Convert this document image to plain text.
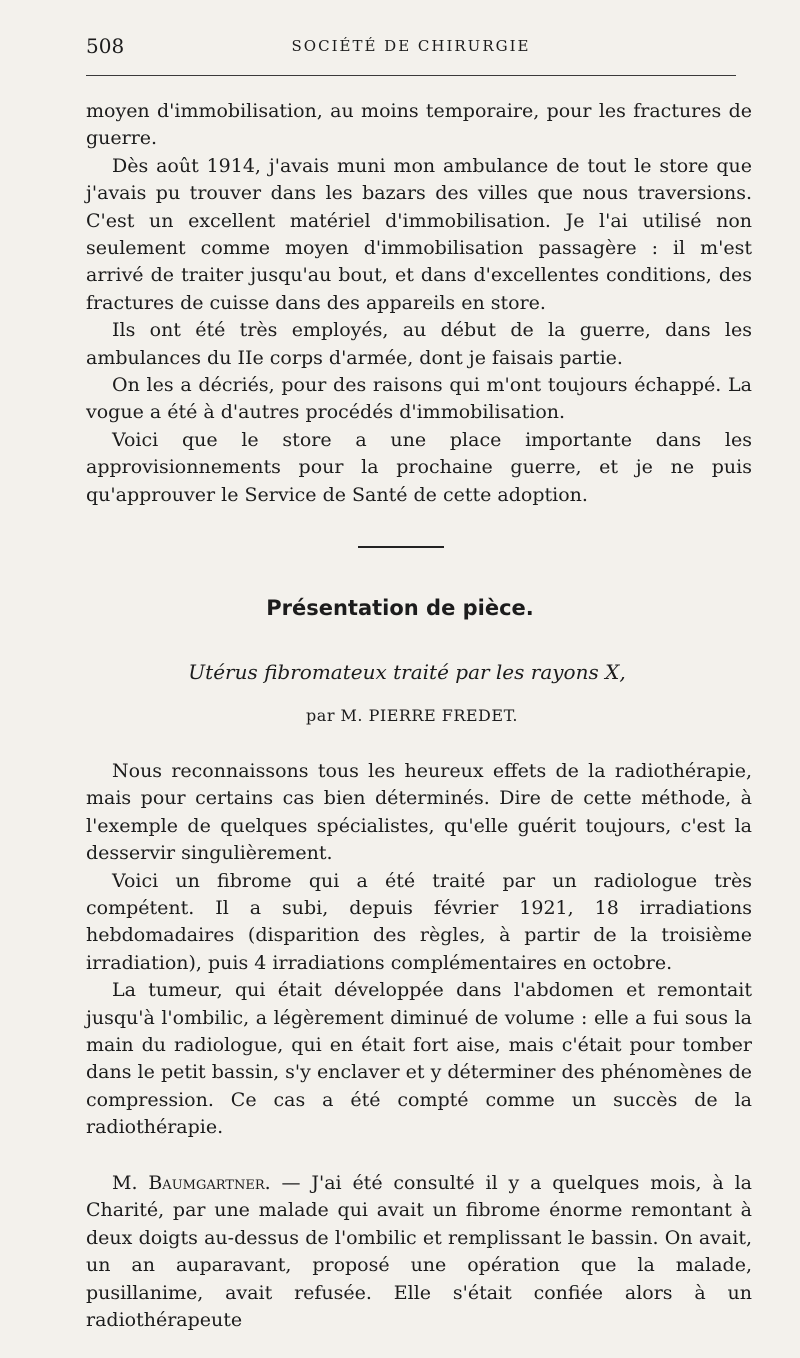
508	SOCIÉTÉ DE CHIRURGIE

moyen d'immobilisation, au moins temporaire, pour les fractures de guerre.

Dès août 1914, j'avais muni mon ambulance de tout le store que j'avais pu trouver dans les bazars des villes que nous traversions. C'est un excellent matériel d'immobilisation. Je l'ai utilisé non seulement comme moyen d'immobilisation passagère : il m'est arrivé de traiter jusqu'au bout, et dans d'excellentes conditions, des fractures de cuisse dans des appareils en store.

Ils ont été très employés, au début de la guerre, dans les ambulances du IIe corps d'armée, dont je faisais partie.

On les a décriés, pour des raisons qui m'ont toujours échappé. La vogue a été à d'autres procédés d'immobilisation.

Voici que le store a une place importante dans les approvisionnements pour la prochaine guerre, et je ne puis qu'approuver le Service de Santé de cette adoption.

Présentation de pièce.
Utérus fibromateux traité par les rayons X,
par M. PIERRE FREDET.

Nous reconnaissons tous les heureux effets de la radiothérapie, mais pour certains cas bien déterminés. Dire de cette méthode, à l'exemple de quelques spécialistes, qu'elle guérit toujours, c'est la desservir singulièrement.

Voici un fibrome qui a été traité par un radiologue très compétent. Il a subi, depuis février 1921, 18 irradiations hebdomadaires (disparition des règles, à partir de la troisième irradiation), puis 4 irradiations complémentaires en octobre.

La tumeur, qui était développée dans l'abdomen et remontait jusqu'à l'ombilic, a légèrement diminué de volume : elle a fui sous la main du radiologue, qui en était fort aise, mais c'était pour tomber dans le petit bassin, s'y enclaver et y déterminer des phénomènes de compression. Ce cas a été compté comme un succès de la radiothérapie.

M. Baumgartner. — J'ai été consulté il y a quelques mois, à la Charité, par une malade qui avait un fibrome énorme remontant à deux doigts au-dessus de l'ombilic et remplissant le bassin. On avait, un an auparavant, proposé une opération que la malade, pusillanime, avait refusée. Elle s'était confiée alors à un radiothérapeute
